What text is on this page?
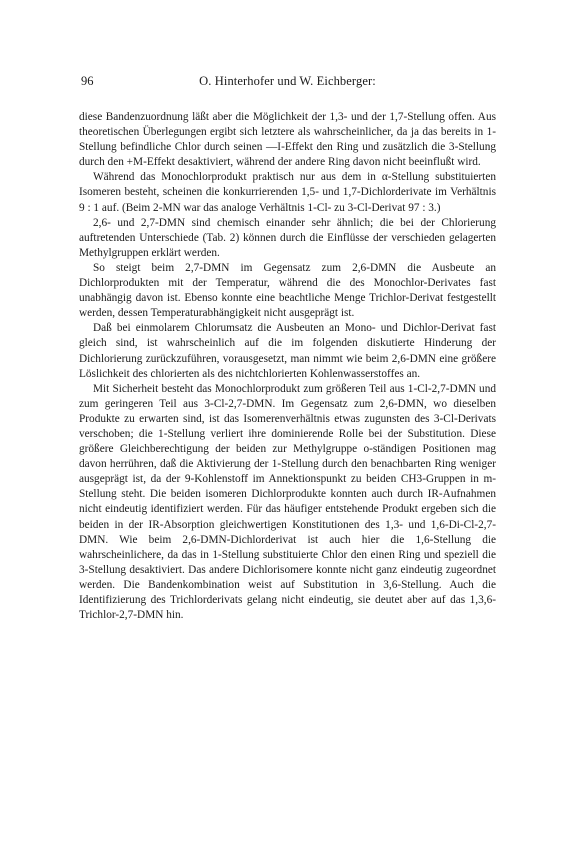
96	O. Hinterhofer und W. Eichberger:

diese Bandenzuordnung läßt aber die Möglichkeit der 1,3- und der 1,7-Stellung offen. Aus theoretischen Überlegungen ergibt sich letztere als wahrscheinlicher, da ja das bereits in 1-Stellung befindliche Chlor durch seinen —I-Effekt den Ring und zusätzlich die 3-Stellung durch den +M-Effekt desaktiviert, während der andere Ring davon nicht beeinflußt wird.

Während das Monochlorprodukt praktisch nur aus dem in α-Stellung substituierten Isomeren besteht, scheinen die konkurrierenden 1,5- und 1,7-Dichlorderivate im Verhältnis 9 : 1 auf. (Beim 2-MN war das analoge Verhältnis 1-Cl- zu 3-Cl-Derivat 97 : 3.)

2,6- und 2,7-DMN sind chemisch einander sehr ähnlich; die bei der Chlorierung auftretenden Unterschiede (Tab. 2) können durch die Einflüsse der verschieden gelagerten Methylgruppen erklärt werden.

So steigt beim 2,7-DMN im Gegensatz zum 2,6-DMN die Ausbeute an Dichlorprodukten mit der Temperatur, während die des Monochlor-Derivates fast unabhängig davon ist. Ebenso konnte eine beachtliche Menge Trichlor-Derivat festgestellt werden, dessen Temperaturabhängigkeit nicht ausgeprägt ist.

Daß bei einmolarem Chlorumsatz die Ausbeuten an Mono- und Dichlor-Derivat fast gleich sind, ist wahrscheinlich auf die im folgenden diskutierte Hinderung der Dichlorierung zurückzuführen, vorausgesetzt, man nimmt wie beim 2,6-DMN eine größere Löslichkeit des chlorierten als des nichtchlorierten Kohlenwasserstoffes an.

Mit Sicherheit besteht das Monochlorprodukt zum größeren Teil aus 1-Cl-2,7-DMN und zum geringeren Teil aus 3-Cl-2,7-DMN. Im Gegensatz zum 2,6-DMN, wo dieselben Produkte zu erwarten sind, ist das Isomerenverhältnis etwas zugunsten des 3-Cl-Derivats verschoben; die 1-Stellung verliert ihre dominierende Rolle bei der Substitution. Diese größere Gleichberechtigung der beiden zur Methylgruppe o-ständigen Positionen mag davon herrühren, daß die Aktivierung der 1-Stellung durch den benachbarten Ring weniger ausgeprägt ist, da der 9-Kohlenstoff im Annektionspunkt zu beiden CH3-Gruppen in m-Stellung steht. Die beiden isomeren Dichlorprodukte konnten auch durch IR-Aufnahmen nicht eindeutig identifiziert werden. Für das häufiger entstehende Produkt ergeben sich die beiden in der IR-Absorption gleichwertigen Konstitutionen des 1,3- und 1,6-Di-Cl-2,7-DMN. Wie beim 2,6-DMN-Dichlorderivat ist auch hier die 1,6-Stellung die wahrscheinlichere, da das in 1-Stellung substituierte Chlor den einen Ring und speziell die 3-Stellung desaktiviert. Das andere Dichlorisomere konnte nicht ganz eindeutig zugeordnet werden. Die Bandenkombination weist auf Substitution in 3,6-Stellung. Auch die Identifizierung des Trichlorderivats gelang nicht eindeutig, sie deutet aber auf das 1,3,6-Trichlor-2,7-DMN hin.
